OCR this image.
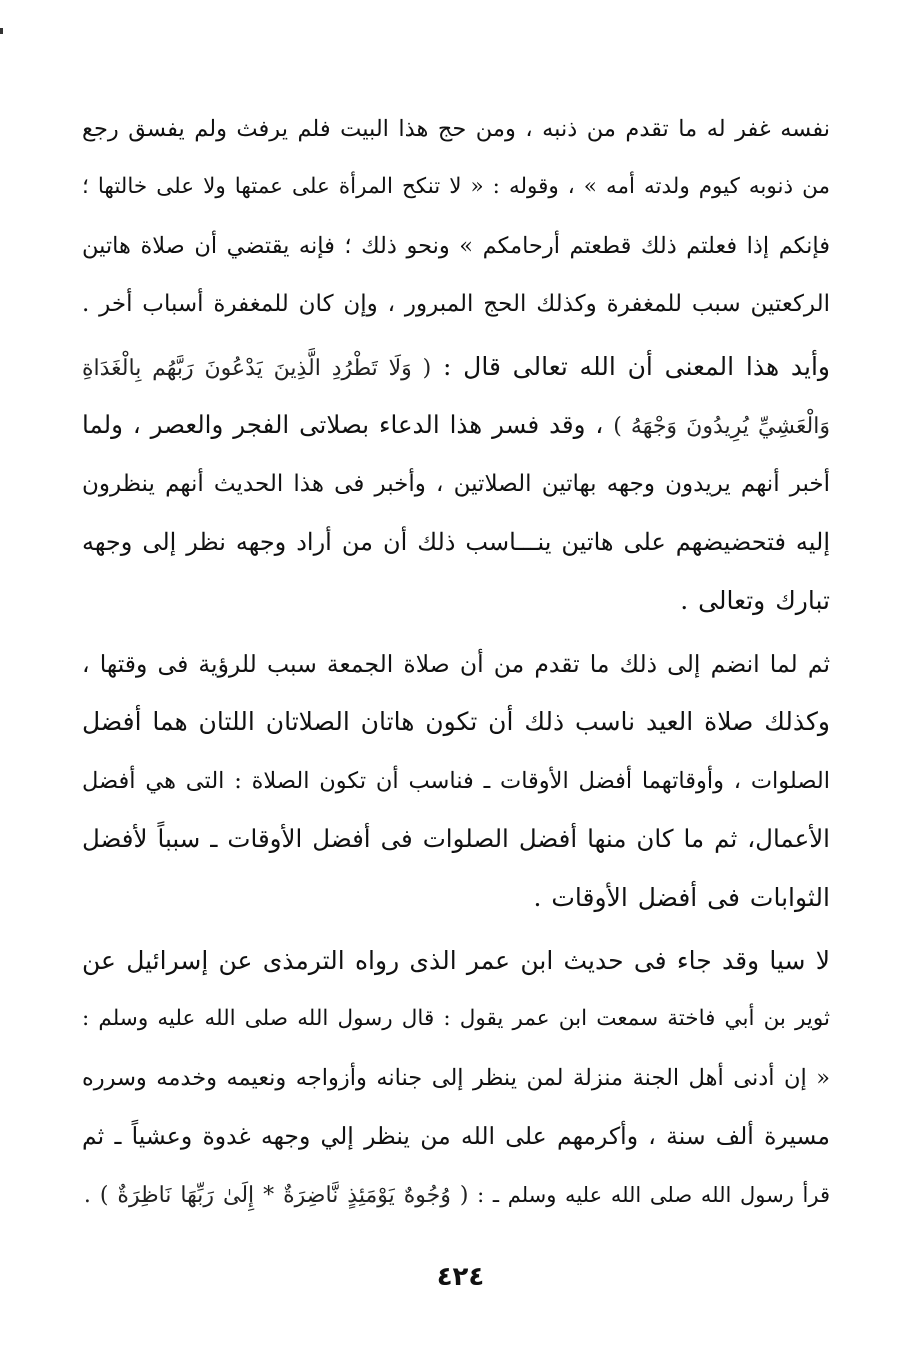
نفسه غفر له ما تقدم من ذنبه ، ومن حج هذا البيت فلم يرفث ولم يفسق رجع
من ذنوبه كيوم ولدته أمه » ، وقوله : « لا تنكح المرأة على عمتها ولا على خالتها ؛
فإنكم إذا فعلتم ذلك قطعتم أرحامكم » ونحو ذلك ؛ فإنه يقتضي أن صلاة هاتين
الركعتين سبب للمغفرة وكذلك الحج المبرور ، وإن كان للمغفرة أسباب أخر .
وأيد هذا المعنى أن الله تعالى قال : ( وَلَا تَطْرُدِ الَّذِينَ يَدْعُونَ رَبَّهُم بِالْغَدَاةِ
وَالْعَشِيِّ يُرِيدُونَ وَجْهَهُ ) ، وقد فسر هذا الدعاء بصلاتى الفجر والعصر ، ولما
أخبر أنهم يريدون وجهه بهاتين الصلاتين ، وأخبر فى هذا الحديث أنهم ينظرون
إليه فتحضيضهم على هاتين ينـــاسب ذلك أن من أراد وجهه نظر إلى وجهه
تبارك وتعالى .
ثم لما انضم إلى ذلك ما تقدم من أن صلاة الجمعة سبب للرؤية فى وقتها ،
وكذلك صلاة العيد ناسب ذلك أن تكون هاتان الصلاتان اللتان هما أفضل
الصلوات ، وأوقاتهما أفضل الأوقات ـ فناسب أن تكون الصلاة : التى هي أفضل
الأعمال، ثم ما كان منها أفضل الصلوات فى أفضل الأوقات ـ سبباً لأفضل
الثوابات فى أفضل الأوقات .
لا سيا وقد جاء فى حديث ابن عمر الذى رواه الترمذى عن إسرائيل عن
ثوير بن أبي فاختة سمعت ابن عمر يقول : قال رسول الله صلى الله عليه وسلم :
« إن أدنى أهل الجنة منزلة لمن ينظر إلى جنانه وأزواجه ونعيمه وخدمه وسرره
مسيرة ألف سنة ، وأكرمهم على الله من ينظر إلي وجهه غدوة وعشياً ـ ثم
قرأ رسول الله صلى الله عليه وسلم ـ : ( وُجُوهٌ يَوْمَئِذٍ نَّاضِرَةٌ * إِلَىٰ رَبِّهَا نَاظِرَةٌ ) .
٤٢٤
